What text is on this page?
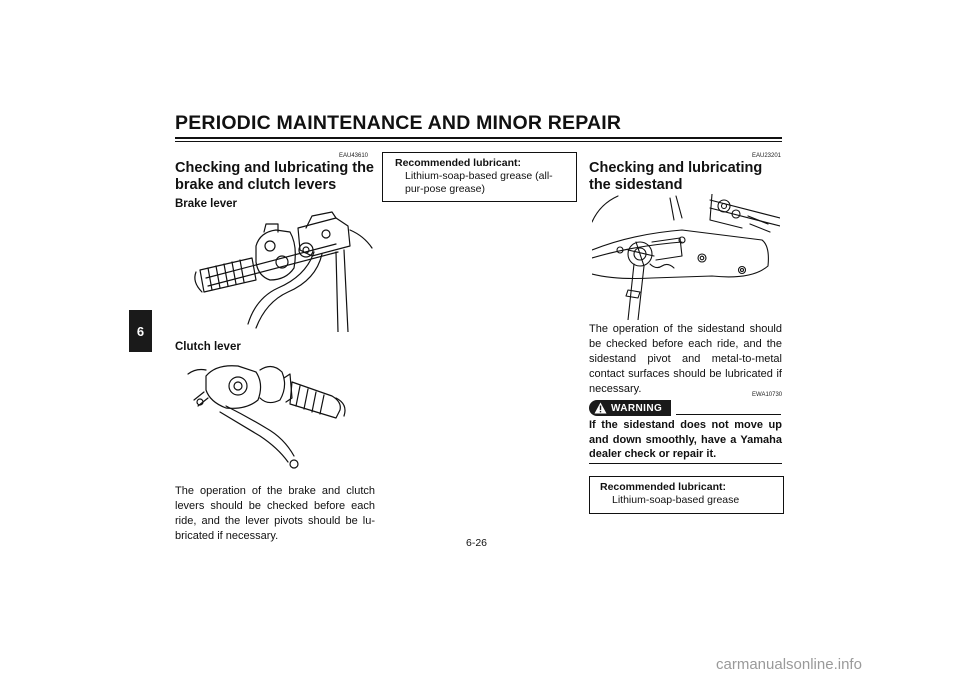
PERIODIC MAINTENANCE AND MINOR REPAIR
6
EAU43610
Checking and lubricating the brake and clutch levers
Brake lever
Clutch lever
The operation of the brake and clutch levers should be checked before each ride, and the lever pivots should be lu-bricated if necessary.
Recommended lubricant:
Lithium-soap-based grease (all-pur-pose grease)
EAU23201
Checking and lubricating the sidestand
The operation of the sidestand should be checked before each ride, and the sidestand pivot and metal-to-metal contact surfaces should be lubricated if necessary.	EWA10730
WARNING
If the sidestand does not move up and down smoothly, have a Yamaha dealer check or repair it.
Recommended lubricant:
Lithium-soap-based grease
6-26
carmanualsonline.info
